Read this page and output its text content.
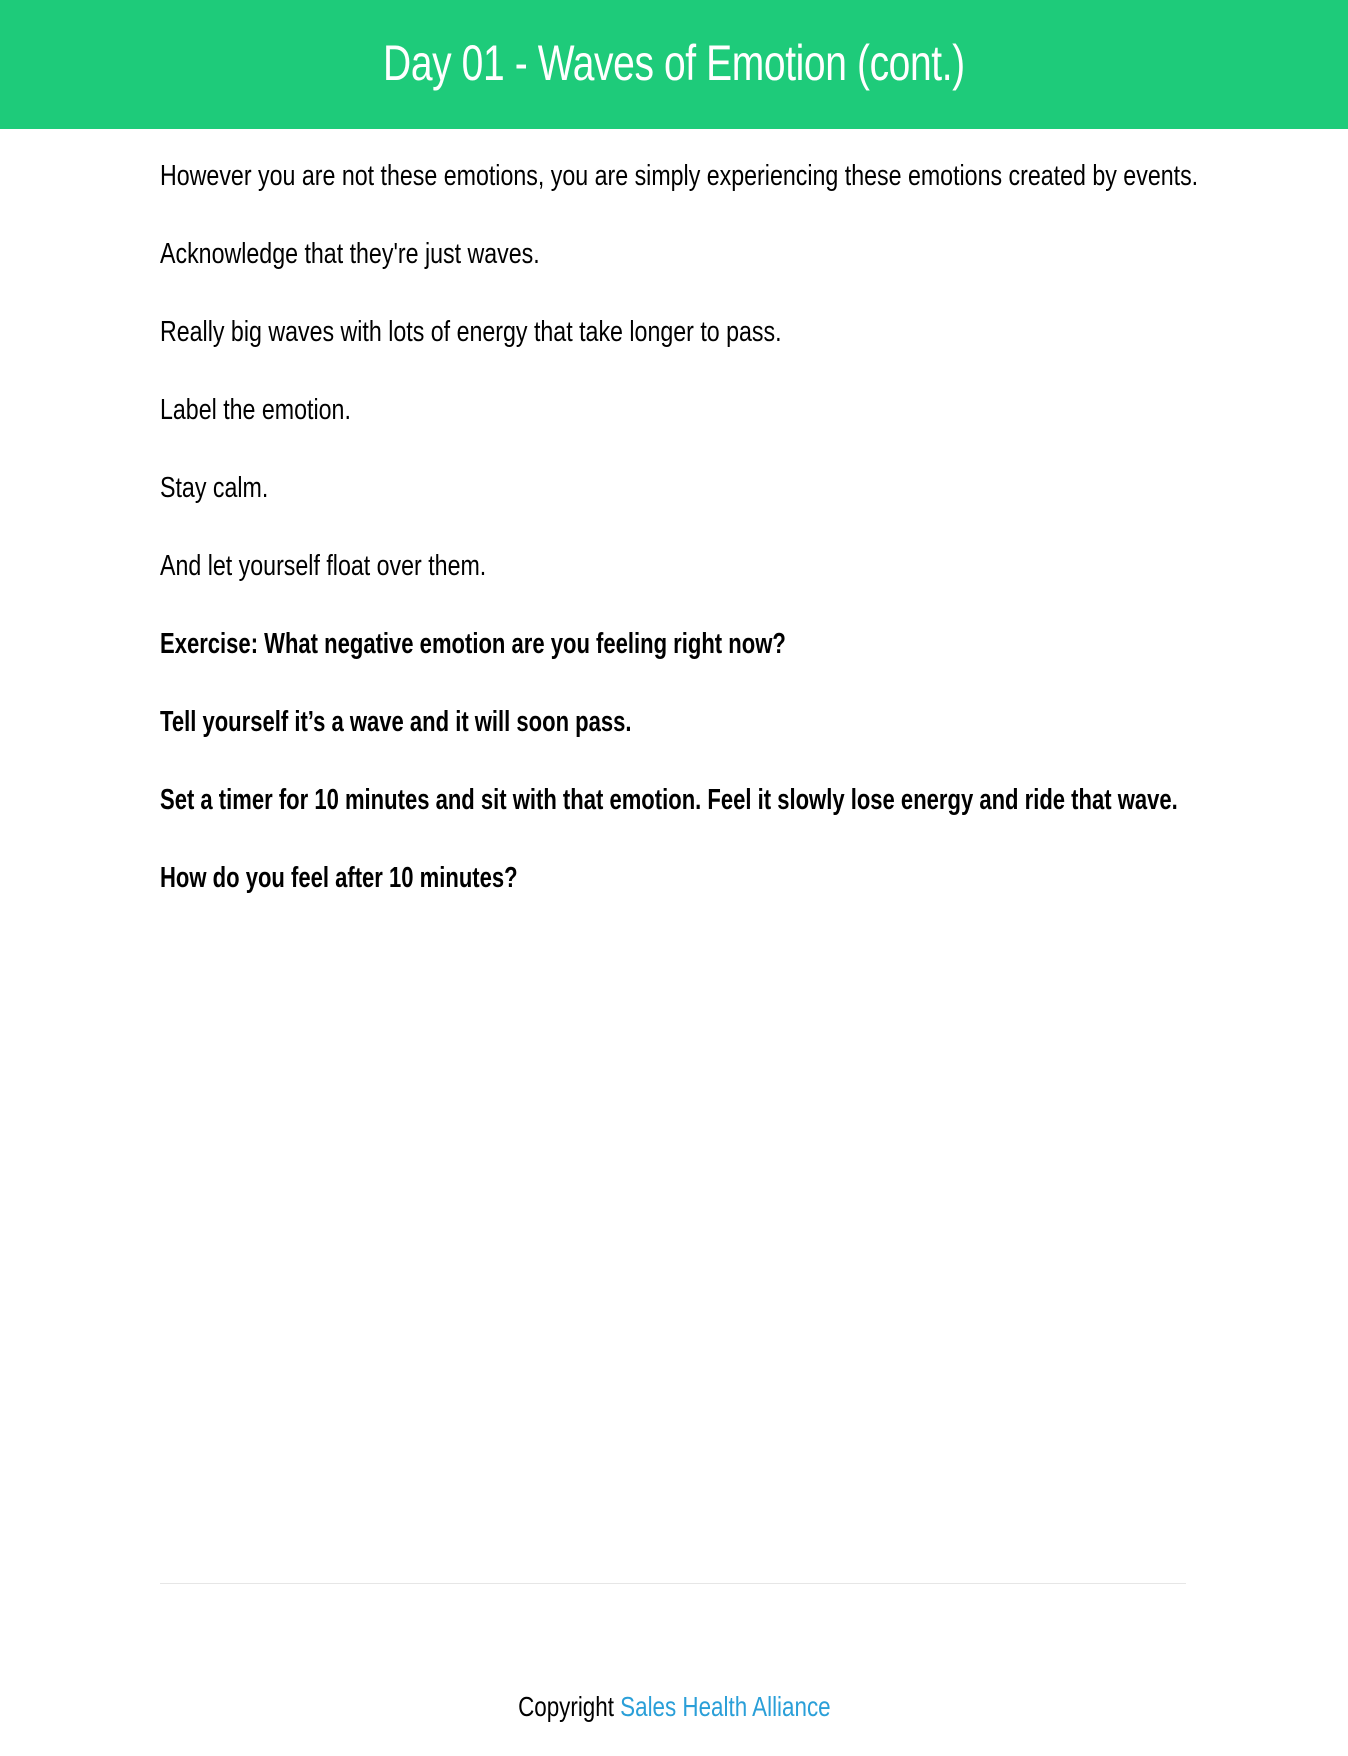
Day 01 - Waves of Emotion (cont.)
However you are not these emotions, you are simply experiencing these emotions created by events.
Acknowledge that they're just waves.
Really big waves with lots of energy that take longer to pass.
Label the emotion.
Stay calm.
And let yourself float over them.
Exercise: What negative emotion are you feeling right now?
Tell yourself it’s a wave and it will soon pass.
Set a timer for 10 minutes and sit with that emotion. Feel it slowly lose energy and ride that wave.
How do you feel after 10 minutes?
Copyright Sales Health Alliance
